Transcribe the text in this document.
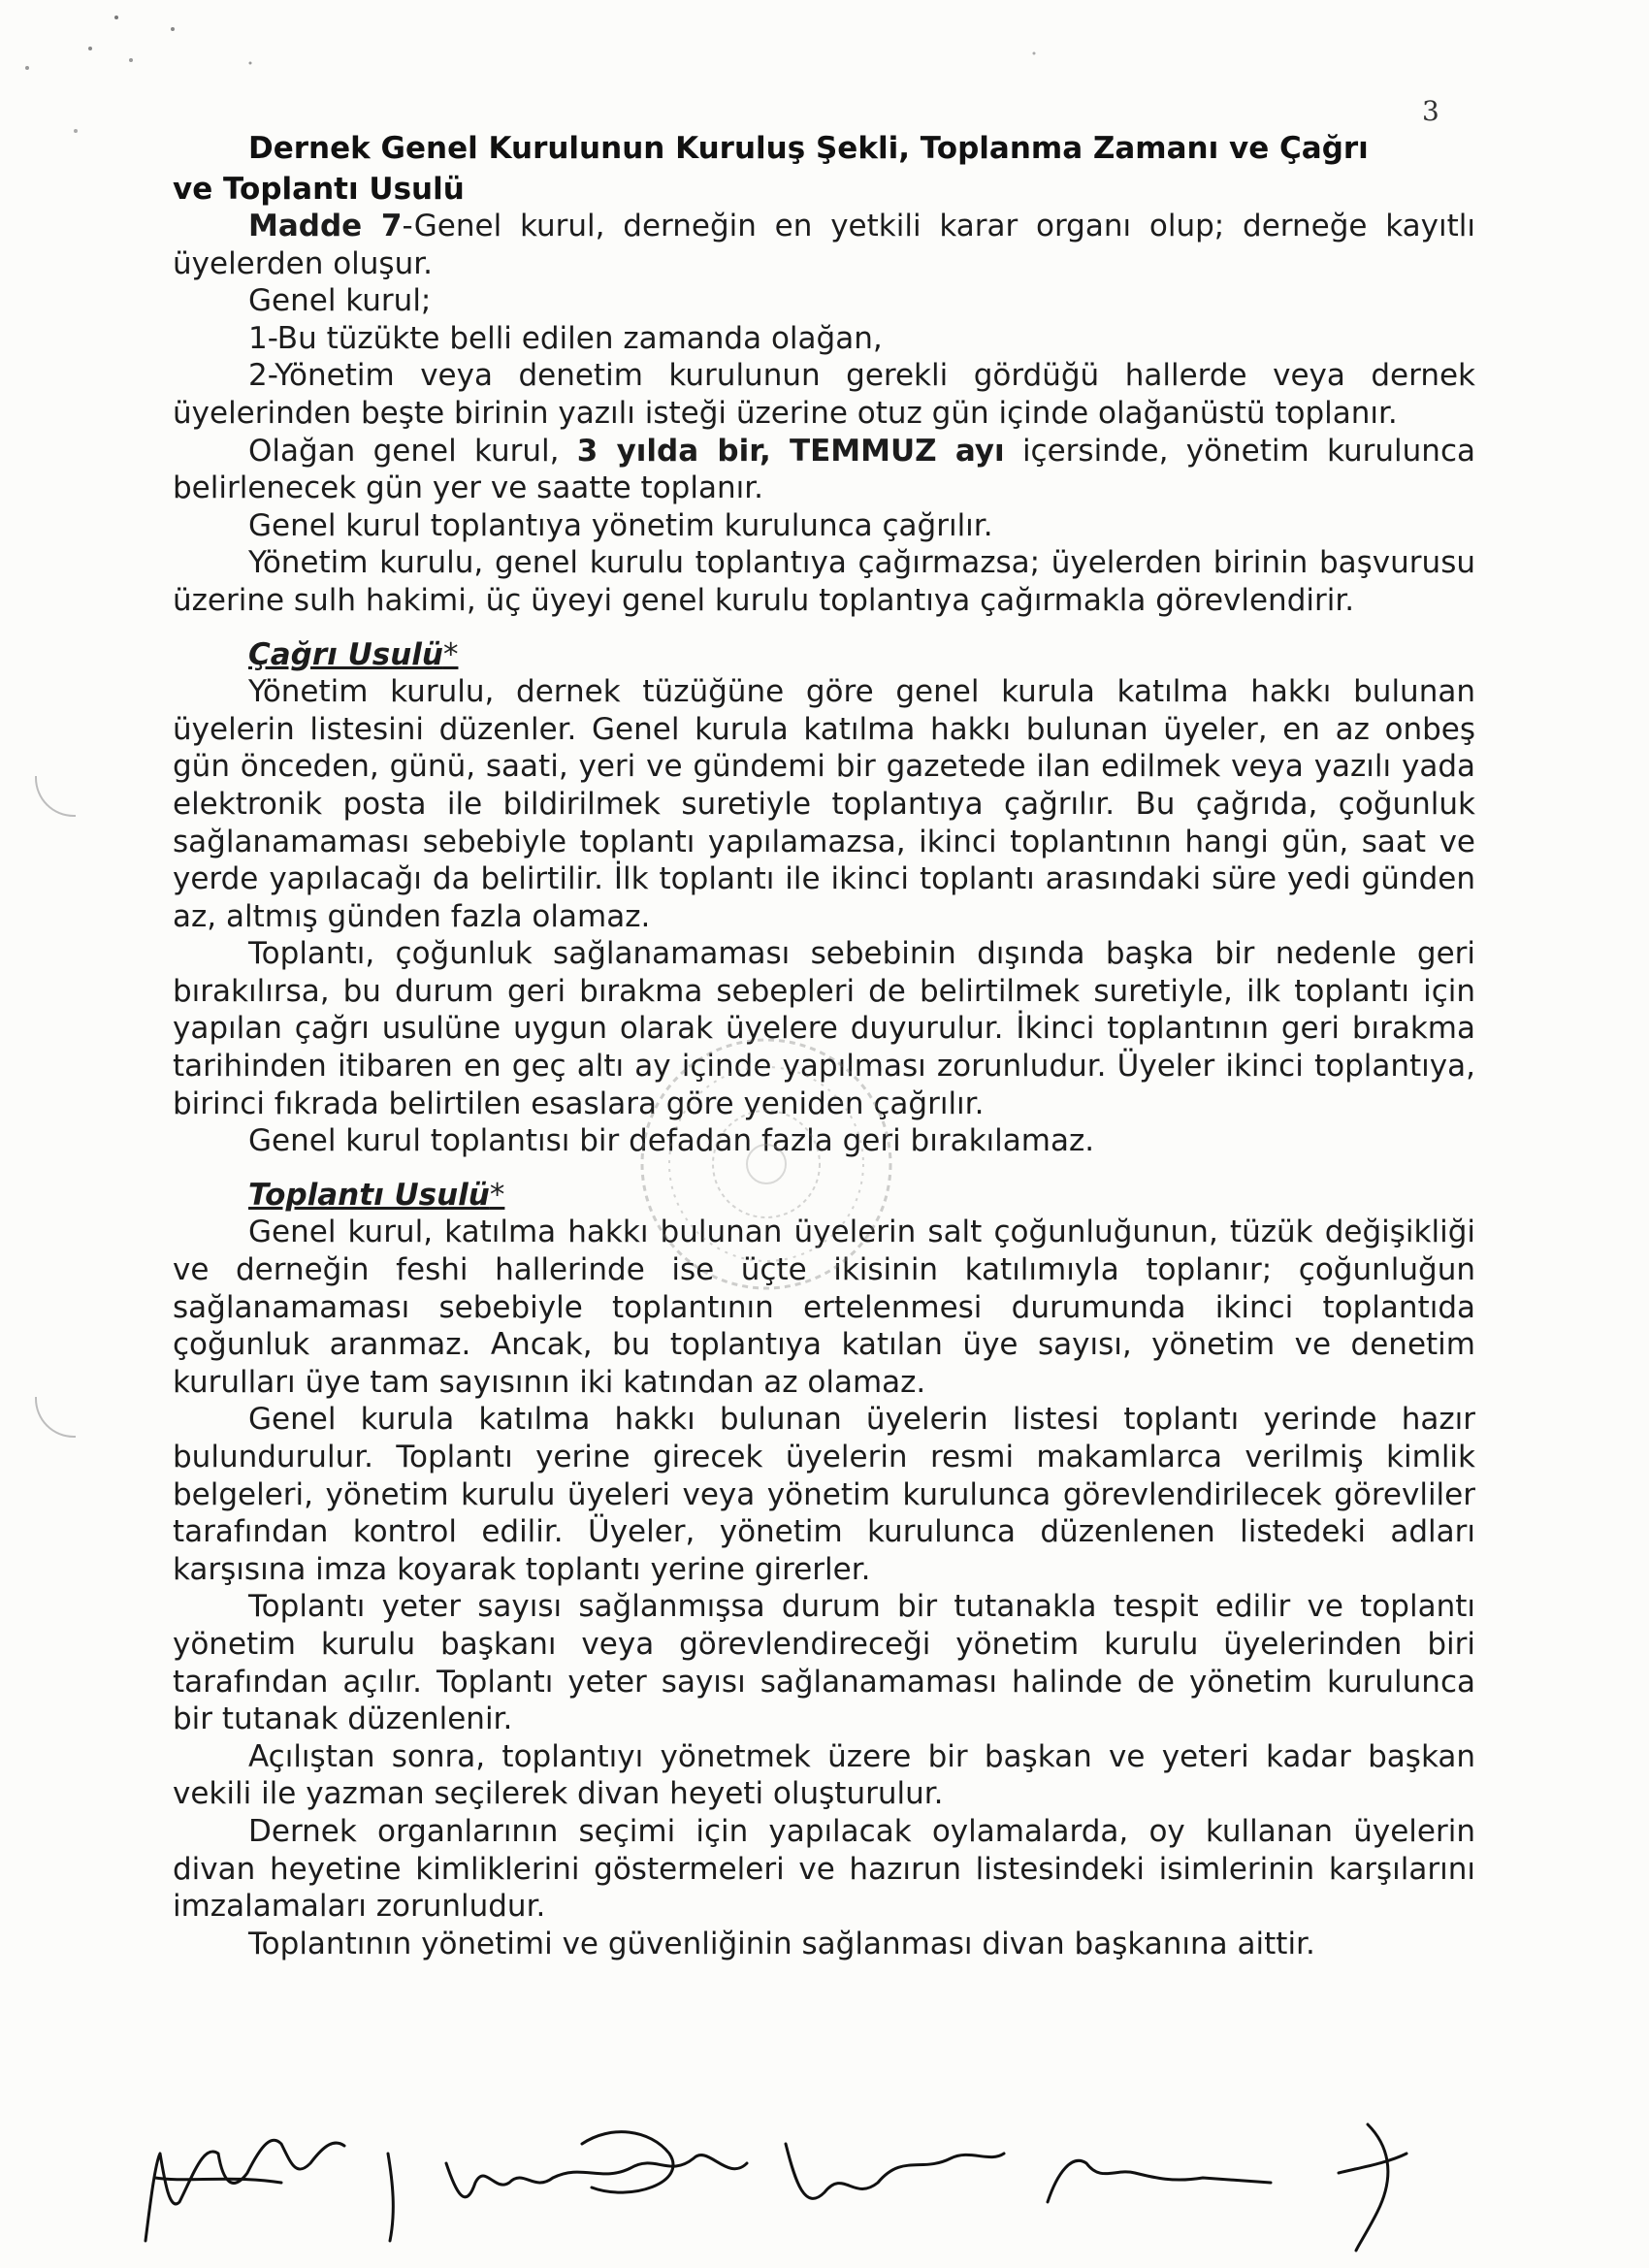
3
Dernek Genel Kurulunun Kuruluş Şekli, Toplanma Zamanı ve Çağrı
ve Toplantı Usulü

Madde 7-Genel kurul, derneğin en yetkili karar organı olup; derneğe kayıtlı üyelerden oluşur.

Genel kurul;

1-Bu tüzükte belli edilen zamanda olağan,

2-Yönetim veya denetim kurulunun gerekli gördüğü hallerde veya dernek üyelerinden beşte birinin yazılı isteği üzerine otuz gün içinde olağanüstü toplanır.

Olağan genel kurul, 3 yılda bir, TEMMUZ ayı içersinde, yönetim kurulunca belirlenecek gün yer ve saatte toplanır.

Genel kurul toplantıya yönetim kurulunca çağrılır.

Yönetim kurulu, genel kurulu toplantıya çağırmazsa; üyelerden birinin başvurusu üzerine sulh hakimi, üç üyeyi genel kurulu toplantıya çağırmakla görevlendirir.

Çağrı Usulü*

Yönetim kurulu, dernek tüzüğüne göre genel kurula katılma hakkı bulunan üyelerin listesini düzenler. Genel kurula katılma hakkı bulunan üyeler, en az onbeş gün önceden, günü, saati, yeri ve gündemi bir gazetede ilan edilmek veya yazılı yada elektronik posta ile bildirilmek suretiyle toplantıya çağrılır. Bu çağrıda, çoğunluk sağlanamaması sebebiyle toplantı yapılamazsa, ikinci toplantının hangi gün, saat ve yerde yapılacağı da belirtilir. İlk toplantı ile ikinci toplantı arasındaki süre yedi günden az, altmış günden fazla olamaz.

Toplantı, çoğunluk sağlanamaması sebebinin dışında başka bir nedenle geri bırakılırsa, bu durum geri bırakma sebepleri de belirtilmek suretiyle, ilk toplantı için yapılan çağrı usulüne uygun olarak üyelere duyurulur. İkinci toplantının geri bırakma tarihinden itibaren en geç altı ay içinde yapılması zorunludur. Üyeler ikinci toplantıya, birinci fıkrada belirtilen esaslara göre yeniden çağrılır.

Genel kurul toplantısı bir defadan fazla geri bırakılamaz.

Toplantı Usulü*

Genel kurul, katılma hakkı bulunan üyelerin salt çoğunluğunun, tüzük değişikliği ve derneğin feshi hallerinde ise üçte ikisinin katılımıyla toplanır; çoğunluğun sağlanamaması sebebiyle toplantının ertelenmesi durumunda ikinci toplantıda çoğunluk aranmaz. Ancak, bu toplantıya katılan üye sayısı, yönetim ve denetim kurulları üye tam sayısının iki katından az olamaz.

Genel kurula katılma hakkı bulunan üyelerin listesi toplantı yerinde hazır bulundurulur. Toplantı yerine girecek üyelerin resmi makamlarca verilmiş kimlik belgeleri, yönetim kurulu üyeleri veya yönetim kurulunca görevlendirilecek görevliler tarafından kontrol edilir. Üyeler, yönetim kurulunca düzenlenen listedeki adları karşısına imza koyarak toplantı yerine girerler.

Toplantı yeter sayısı sağlanmışsa durum bir tutanakla tespit edilir ve toplantı yönetim kurulu başkanı veya görevlendireceği yönetim kurulu üyelerinden biri tarafından açılır. Toplantı yeter sayısı sağlanamaması halinde de yönetim kurulunca bir tutanak düzenlenir.

Açılıştan sonra, toplantıyı yönetmek üzere bir başkan ve yeteri kadar başkan vekili ile yazman seçilerek divan heyeti oluşturulur.

Dernek organlarının seçimi için yapılacak oylamalarda, oy kullanan üyelerin divan heyetine kimliklerini göstermeleri ve hazırun listesindeki isimlerinin karşılarını imzalamaları zorunludur.

Toplantının yönetimi ve güvenliğinin sağlanması divan başkanına aittir.
